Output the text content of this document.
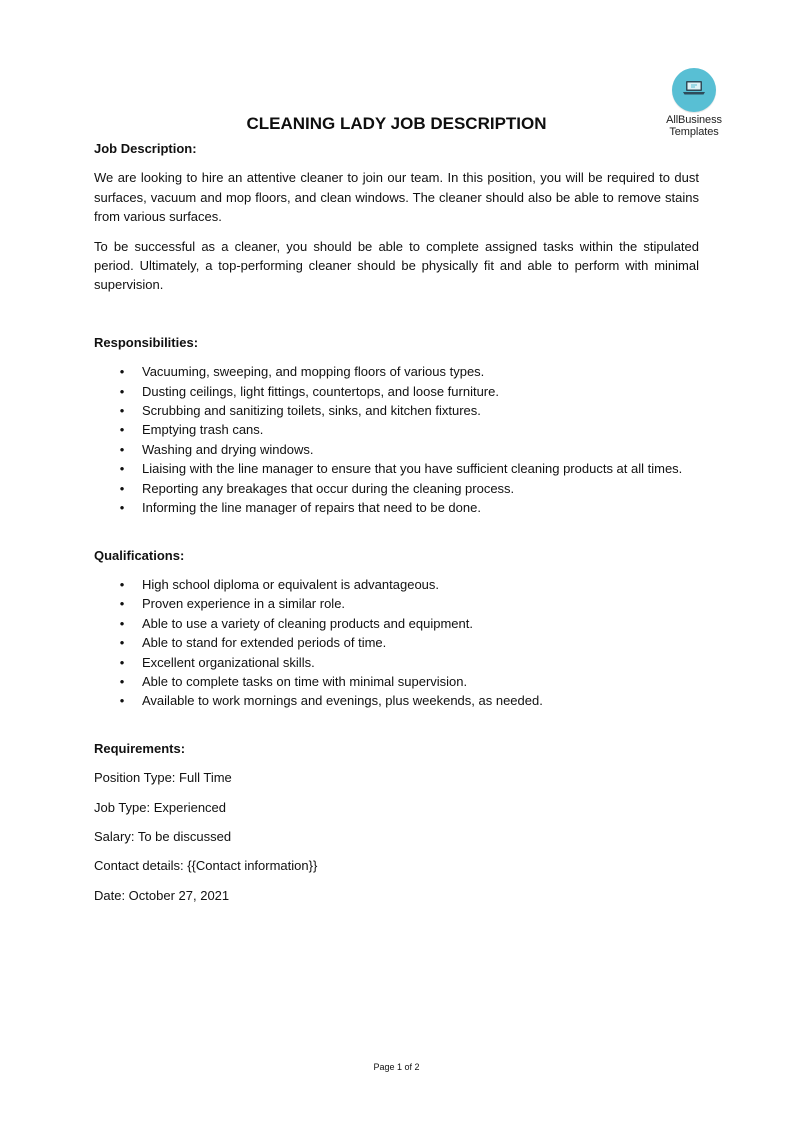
AllBusiness
Templates
CLEANING LADY JOB DESCRIPTION
Job Description:

We are looking to hire an attentive cleaner to join our team. In this position, you will be required to dust surfaces, vacuum and mop floors, and clean windows. The cleaner should also be able to remove stains from various surfaces.

To be successful as a cleaner, you should be able to complete assigned tasks within the stipulated period. Ultimately, a top-performing cleaner should be physically fit and able to perform with minimal supervision.

Responsibilities:
• Vacuuming, sweeping, and mopping floors of various types.
• Dusting ceilings, light fittings, countertops, and loose furniture.
• Scrubbing and sanitizing toilets, sinks, and kitchen fixtures.
• Emptying trash cans.
• Washing and drying windows.
• Liaising with the line manager to ensure that you have sufficient cleaning products at all times.
• Reporting any breakages that occur during the cleaning process.
• Informing the line manager of repairs that need to be done.
Qualifications:
• High school diploma or equivalent is advantageous.
• Proven experience in a similar role.
• Able to use a variety of cleaning products and equipment.
• Able to stand for extended periods of time.
• Excellent organizational skills.
• Able to complete tasks on time with minimal supervision.
• Available to work mornings and evenings, plus weekends, as needed.
Requirements:

Position Type: Full Time

Job Type: Experienced

Salary: To be discussed

Contact details: {{Contact information}}

Date: October 27, 2021

Page 1 of 2
